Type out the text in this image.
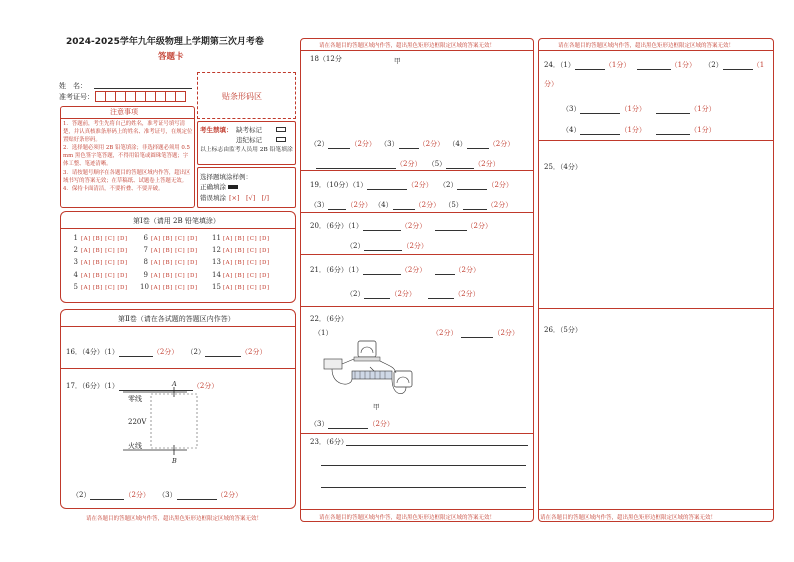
2024-2025学年九年级物理上学期第三次月考卷
答题卡
姓　名：
准考证号：
注意事项
1．答题前，考生先将自己的姓名，准考证号填写清楚，并认真核准条形码上的姓名、准考证号，在规定位置贴好条形码。
2．选择题必须用 2B 铅笔填涂；非选择题必须用 0.5 mm 黑色签字笔答题，不得用铅笔或圆珠笔答题；字体工整、笔迹清晰。
3．请按题号顺序在各题目的答题区域内作答，超出区域书写的答案无效；在草稿纸、试题卷上答题无效。
4．保持卡面清洁，不要折叠、不要弄破。
贴条形码区
考生禁填： 缺考标记
违纪标记
以上标志由监考人员用 2B 铅笔填涂
选择题填涂样例：
正确填涂
错误填涂 [×]　[√]　[/]
第Ⅰ卷（请用 2B 铅笔填涂）
1 [A] [B] [C] [D]
2 [A] [B] [C] [D]
3 [A] [B] [C] [D]
4 [A] [B] [C] [D]
5 [A] [B] [C] [D]
6 [A] [B] [C] [D]
7 [A] [B] [C] [D]
8 [A] [B] [C] [D]
9 [A] [B] [C] [D]
10 [A] [B] [C] [D]
11 [A] [B] [C] [D]
12 [A] [B] [C] [D]
13 [A] [B] [C] [D]
14 [A] [B] [C] [D]
15 [A] [B] [C] [D]
第Ⅱ卷（请在各试题的答题区内作答）
16．（4分）（1）	（2分） （2）	（2分）
17．（6分）（1）	（2分）
A
零线
220V
火线
B
（2）	（2分） （3）	（2分）
请在各题目的答题区域内作答，超出黑色矩形边框限定区域的答案无效！
请在各题目的答题区域内作答，超出黑色矩形边框限定区域的答案无效！
18（12分	甲
（2）	（2分） （3）	（2分） （4）	（2分）
（2分） （5）	（2分）
19．（10分）（1）	（2分） （2）	（2分）
（3）	（2分） （4）	（2分） （5）	（2分）
20．（6分）（1）	（2分）	（2分）
（2）	（2分）
21．（6分）（1）	（2分）	（2分）
（2）	（2分）	（2分）
22．（6分）
（1）	（2分）	（2分）
甲
（3）	（2分）
23．（6分）
请在各题目的答题区域内作答，超出黑色矩形边框限定区域的答案无效！
请在各题目的答题区域内作答，超出黑色矩形边框限定区域的答案无效！
24．（1）	（1分）	（1分） （2）	（1
分）
（3）	（1分）	（1分）
（4）	（1分）	（1分）
25．（4分）
26．（5分）
请在各题目的答题区域内作答，超出黑色矩形边框限定区域的答案无效！
